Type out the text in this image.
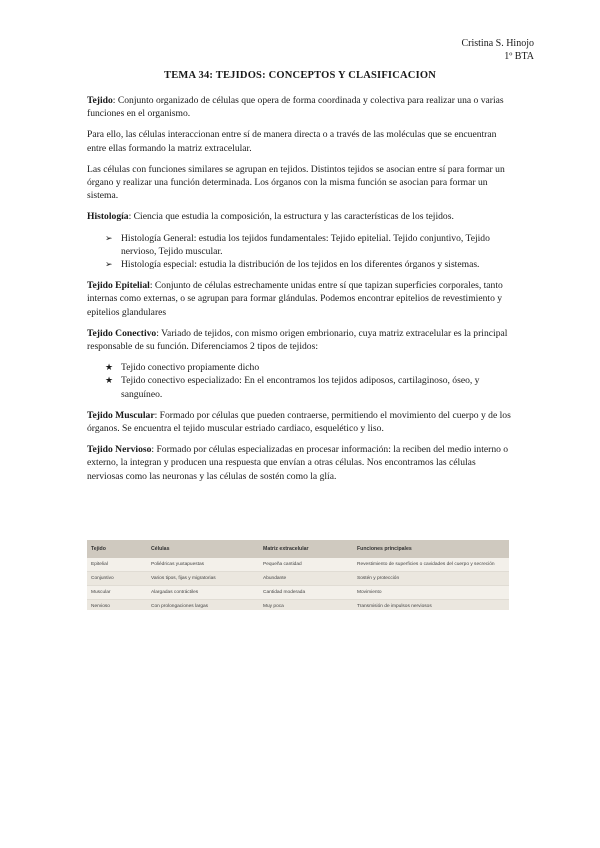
Cristina S. Hinojo
1º BTA
TEMA 34: TEJIDOS: CONCEPTOS Y CLASIFICACION

Tejido: Conjunto organizado de células que opera de forma coordinada y colectiva para realizar una o varias funciones en el organismo.

Para ello, las células interaccionan entre sí de manera directa o a través de las moléculas que se encuentran entre ellas formando la matriz extracelular.

Las células con funciones similares se agrupan en tejidos. Distintos tejidos se asocian entre sí para formar un órgano y realizar una función determinada. Los órganos con la misma función se asocian para formar un sistema.

Histología: Ciencia que estudia la composición, la estructura y las características de los tejidos.

➢ Histología General: estudia los tejidos fundamentales: Tejido epitelial. Tejido conjuntivo, Tejido nervioso, Tejido muscular.
➢ Histología especial: estudia la distribución de los tejidos en los diferentes órganos y sistemas.

Tejido Epitelial: Conjunto de células estrechamente unidas entre sí que tapizan superficies corporales, tanto internas como externas, o se agrupan para formar glándulas. Podemos encontrar epitelios de revestimiento y epitelios glandulares

Tejido Conectivo: Variado de tejidos, con mismo origen embrionario, cuya matriz extracelular es la principal responsable de su función. Diferenciamos 2 tipos de tejidos:

★ Tejido conectivo propiamente dicho
★ Tejido conectivo especializado: En el encontramos los tejidos adiposos, cartilaginoso, óseo, y sanguíneo.

Tejido Muscular: Formado por células que pueden contraerse, permitiendo el movimiento del cuerpo y de los órganos. Se encuentra el tejido muscular estriado cardiaco, esquelético y liso.

Tejido Nervioso: Formado por células especializadas en procesar información: la reciben del medio interno o externo, la integran y producen una respuesta que envían a otras células. Nos encontramos las células nerviosas como las neuronas y las células de sostén como la glía.

Tejido	Células	Matriz extracelular	Funciones principales
Epitelial	Poliédricas yuxtapuestas	Pequeña cantidad	Revestimiento de superficies o cavidades del cuerpo y secreción
Conjuntivo	Varios tipos, fijas y migratorias	Abundante	Sostén y protección
Muscular	Alargadas contráctiles	Cantidad moderada	Movimiento
Nervioso	Con prolongaciones largas	Muy poca	Transmisión de impulsos nerviosos
